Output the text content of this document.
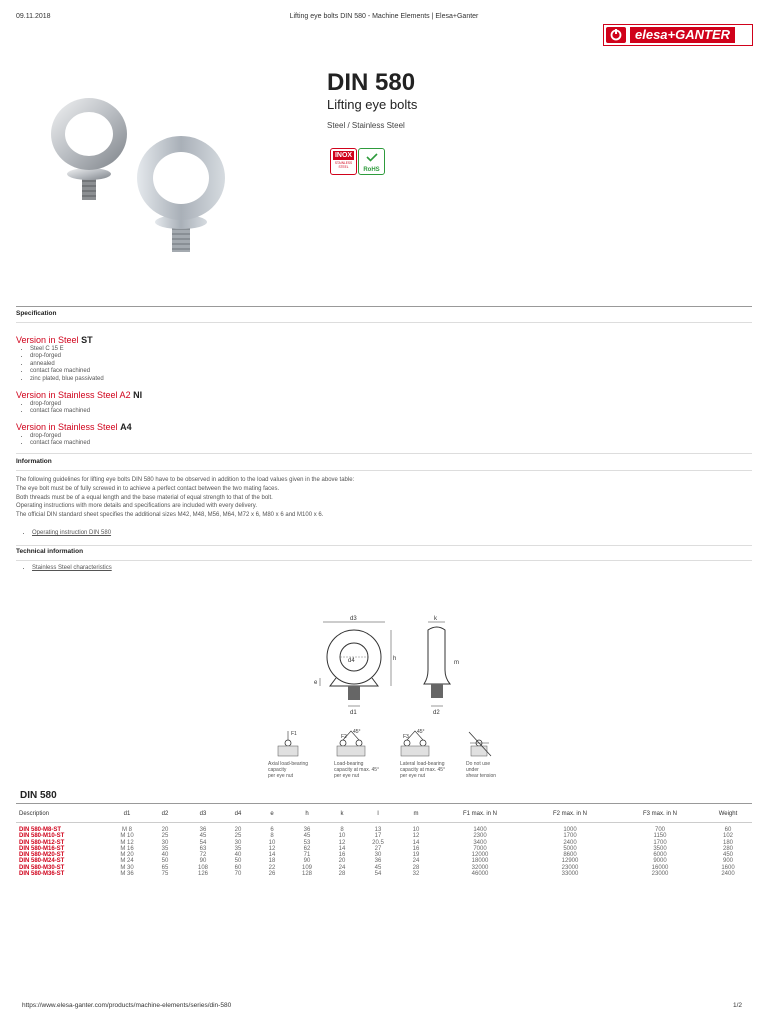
09.11.2018	Lifting eye bolts DIN 580 - Machine Elements | Elesa+Ganter
elesa+GANTER
DIN 580
Lifting eye bolts
Steel / Stainless Steel
INOX
STAINLESS STEEL	RoHS
Specification
Version in Steel ST
• Steel C 15 E
• drop-forged
• annealed
• contact face machined
• zinc plated, blue passivated
Version in Stainless Steel A2 NI
• drop-forged
• contact face machined
Version in Stainless Steel A4
• drop-forged
• contact face machined
Information
The following guidelines for lifting eye bolts DIN 580 have to be observed in addition to the load values given in the above table:
The eye bolt must be of fully screwed in to achieve a perfect contact between the two mating faces.
Both threads must be of a equal length and the base material of equal strength to that of the bolt.
Operating instructions with more details and specifications are included with every delivery.
The official DIN standard sheet specifies the additional sizes M42, M48, M56, M64, M72 x 6, M80 x 6 and M100 x 6.
• Operating instruction DIN 580
Technical information
• Stainless Steel characteristics
d3
d4
d1
e
h
k
m
d2
F1	F2
45°
F3
45°
Axial load-bearing
capacity
per eye nut
Load-bearing
capacity at max. 45°
per eye nut
Lateral load-bearing
capacity at max. 45°
per eye nut
Do not use
under
shear tension
DIN 580
Description	d1	d2	d3	d4	e	h	k	l	m	F1 max. in N	F2 max. in N	F3 max. in N	Weight
DIN 580-M8-ST	M 8	20	36	20	6	36	8	13	10	1400	1000	700	60
DIN 580-M10-ST	M 10	25	45	25	8	45	10	17	12	2300	1700	1150	102
DIN 580-M12-ST	M 12	30	54	30	10	53	12	20.5	14	3400	2400	1700	180
DIN 580-M16-ST	M 16	35	63	35	12	62	14	27	16	7000	5000	3500	280
DIN 580-M20-ST	M 20	40	72	40	14	71	16	30	19	12000	8600	6000	450
DIN 580-M24-ST	M 24	50	90	50	18	90	20	36	24	18000	12900	9000	900
DIN 580-M30-ST	M 30	65	108	60	22	109	24	45	28	32000	23000	16000	1600
DIN 580-M36-ST	M 36	75	126	70	26	128	28	54	32	46000	33000	23000	2400
https://www.elesa-ganter.com/products/machine-elements/series/din-580	1/2
